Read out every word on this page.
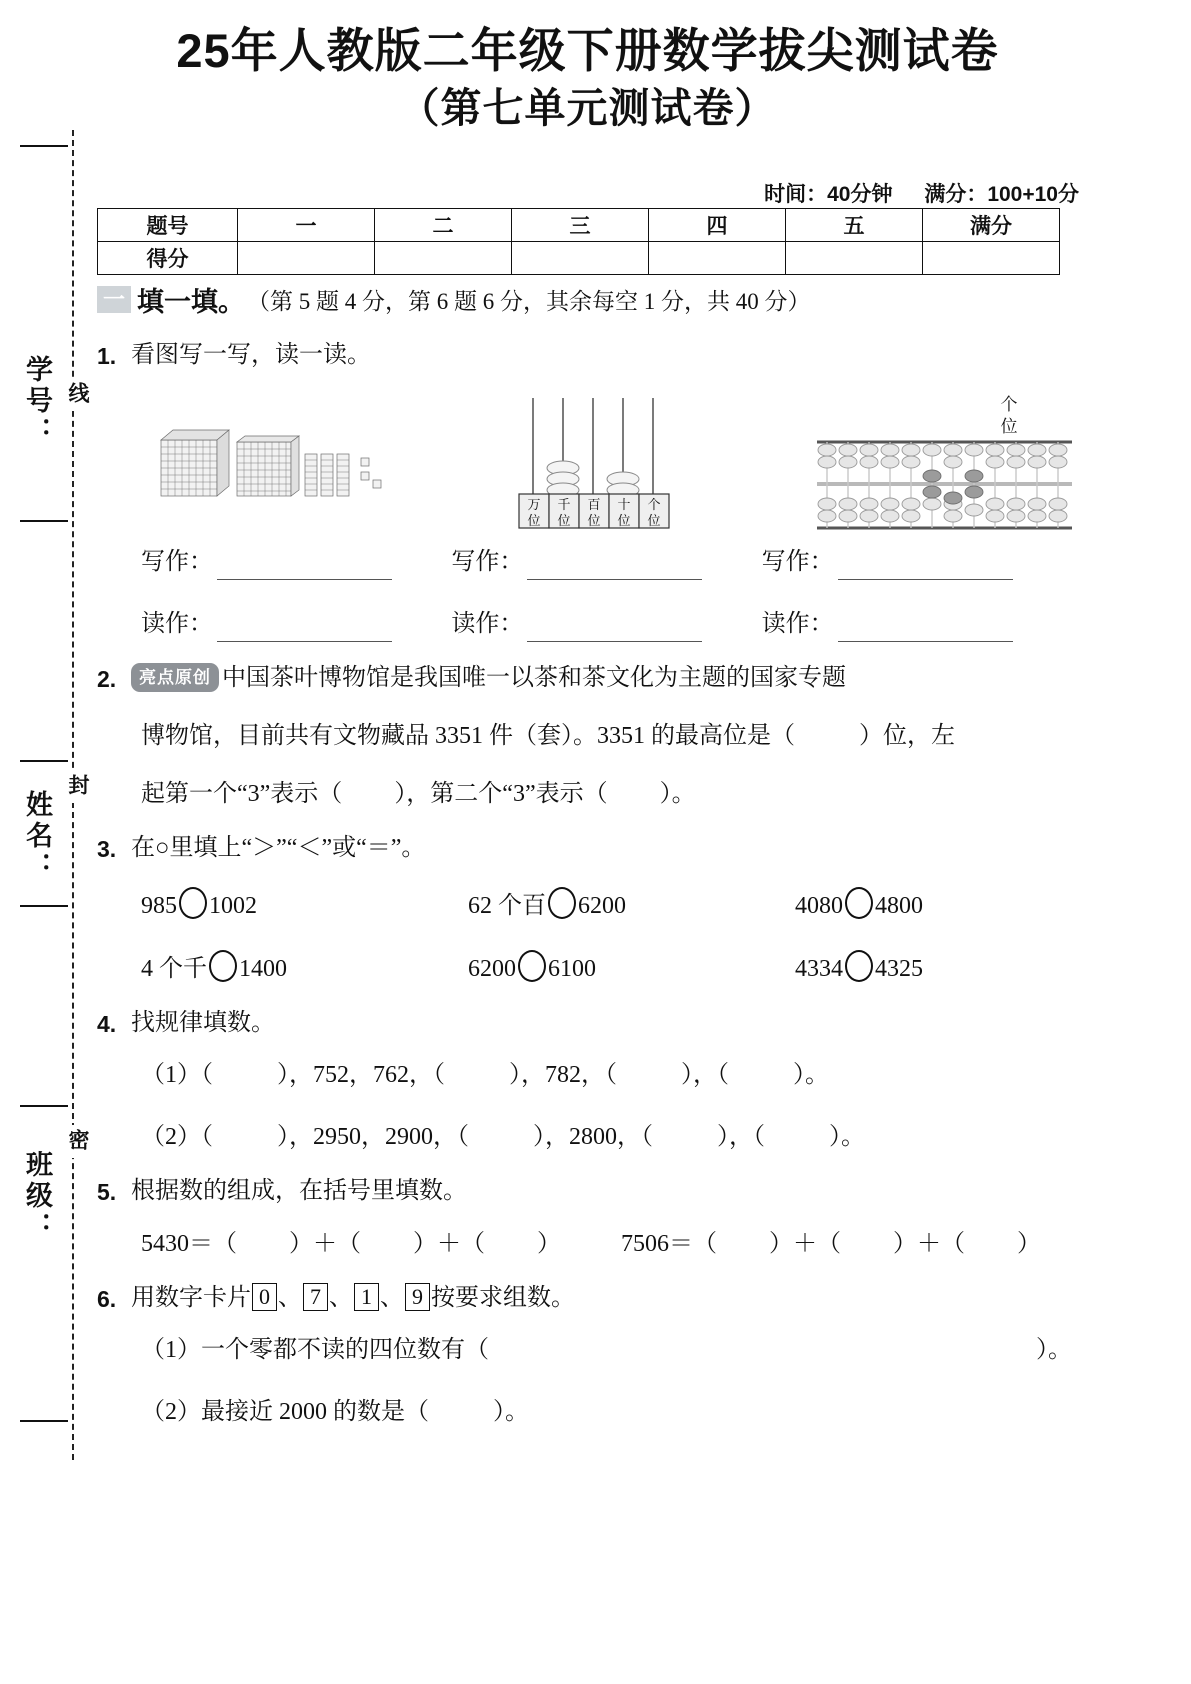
学号：
姓名：
班级：
线
封
密
25年人教版二年级下册数学拔尖测试卷
（第七单元测试卷）
时间：40分钟 满分：100+10分
题号	一	二	三	四	五	满分
得分						
一 填一填。 （第 5 题 4 分，第 6 题 6 分，其余每空 1 分，共 40 分）
1. 看图写一写，读一读。
万
位
千
位
百
位
十
位
个
位
个
位
写作：	写作：	写作：
读作：	读作：	读作：
2.	亮点原创 中国茶叶博物馆是我国唯一以茶和茶文化为主题的国家专题
博物馆，目前共有文物藏品 3351 件（套）。3351 的最高位是（	）位，左
起第一个“3”表示（ ），第二个“3”表示（ ）。
3. 在○里填上“＞”“＜”或“＝”。
985 1002	62 个百 6200	4080 4800
4 个千 1400	6200 6100	4334 4325
4. 找规律填数。
（1）（	），752，762，（	），782，（	），（	）。
（2）（	），2950，2900，（	），2800，（	），（	）。
5. 根据数的组成，在括号里填数。
5430＝（ ）＋（ ）＋（ ）	7506＝（ ）＋（ ）＋（ ）
6. 用数字卡片 0 、 7 、 1 、 9 按要求组数。
（1）一个零都不读的四位数有（	）。
（2）最接近 2000 的数是（	）。
